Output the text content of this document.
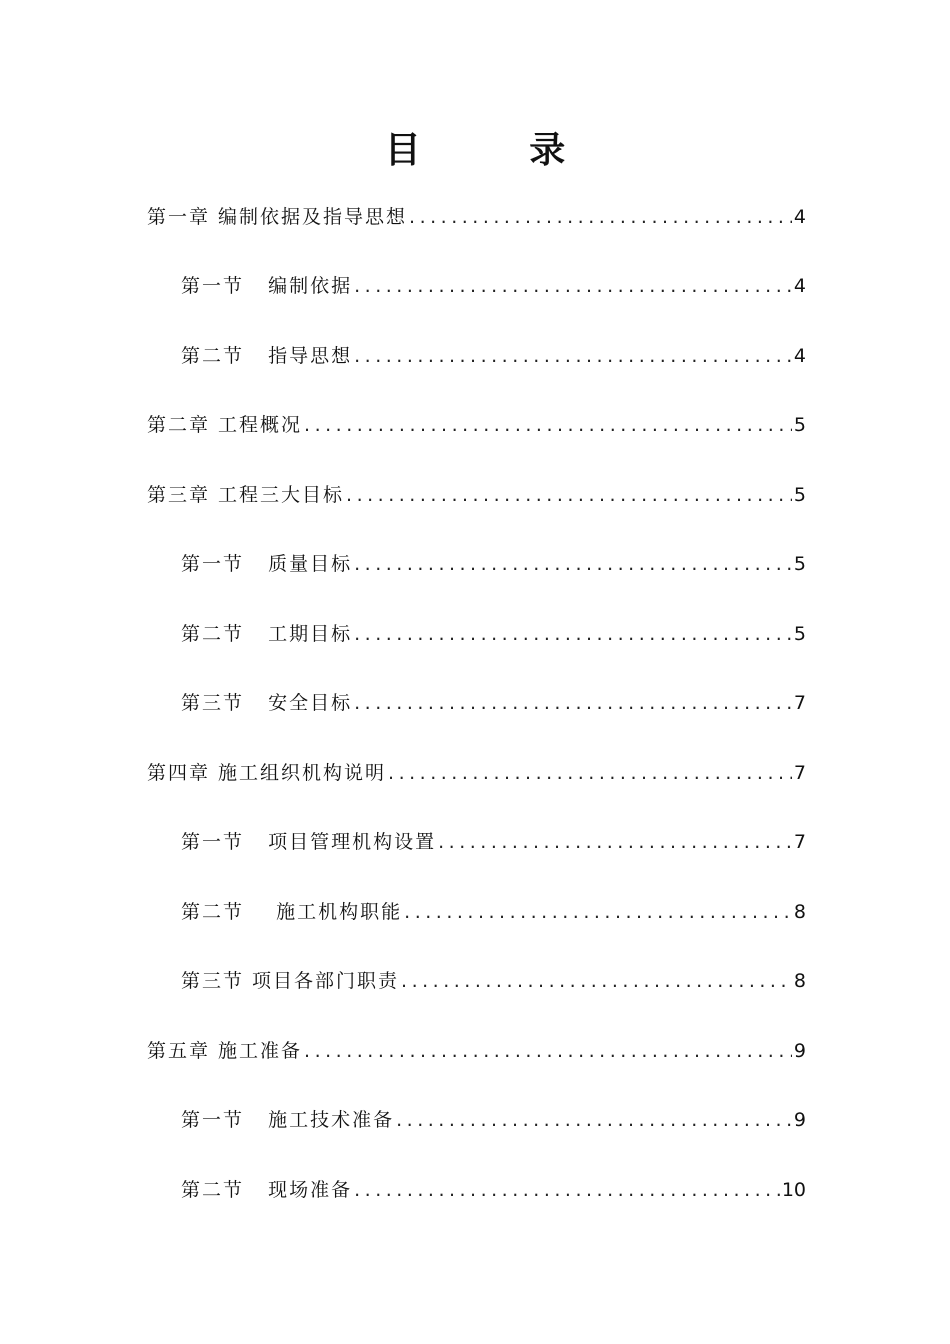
目 录
第一章 编制依据及指导思想 .....	4
第一节   编制依据 .....	4
第二节   指导思想 .....	4
第二章 工程概况 .....	5
第三章 工程三大目标 .....	5
第一节   质量目标 .....	5
第二节   工期目标 .....	5
第三节   安全目标 .....	7
第四章 施工组织机构说明 .....	7
第一节   项目管理机构设置 .....	7
第二节    施工机构职能 .....	8
第三节 项目各部门职责 .....	8
第五章 施工准备 .....	9
第一节   施工技术准备 .....	9
第二节   现场准备 .....	10
